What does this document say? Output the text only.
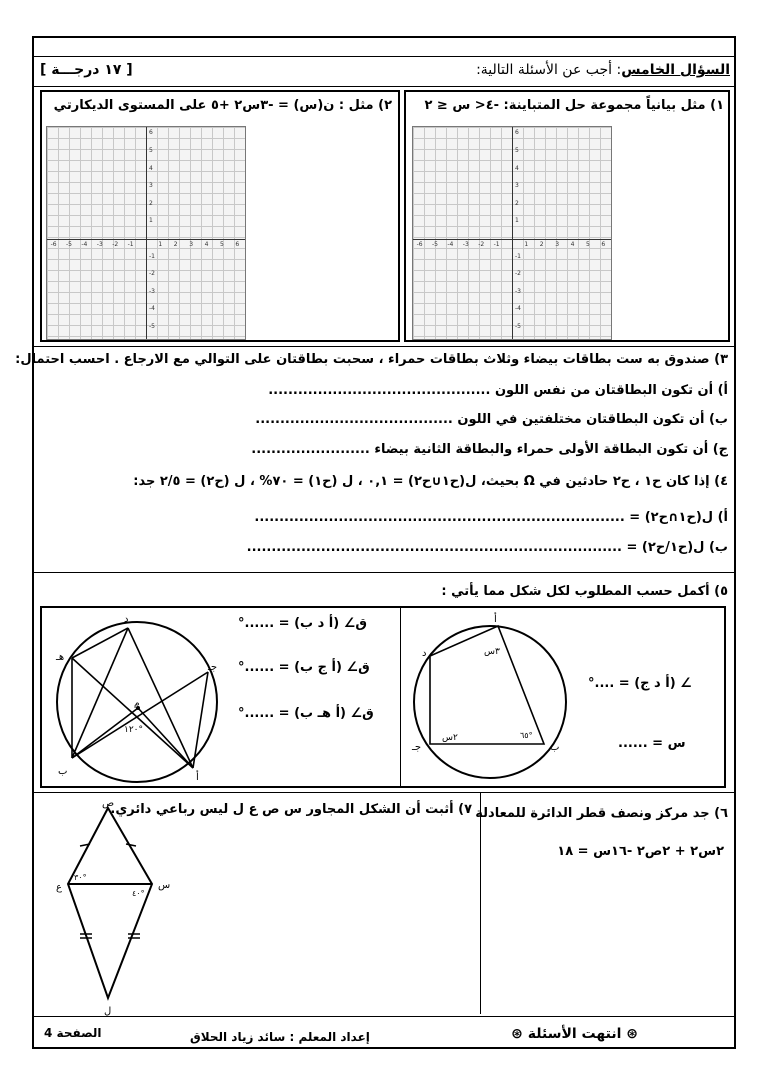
السؤال الخامس: أجب عن الأسئلة التالية:
[ ١٧ درجـــة ]
١) مثل بيانياً مجموعة حل المتباينة: -٤< س ≤ ٢
٢) مثل : ن(س) = -٣س٢ +٥ على المستوى الديكارتي
-6 -5
-5
-4
-4
-3
-3
-2
-2
-1
-1
1
1
2
2
3
3
4
4
5
5
6
6
-6 -5
-5
-4
-4
-3
-3
-2
-2
-1
-1
1
1
2
2
3
3
4
4
5
5
6
6
٣) صندوق به ست بطاقات بيضاء وثلاث بطاقات حمراء ، سحبت بطاقتان على التوالي مع الارجاع . احسب احتمال:
أ) أن تكون البطاقتان من نفس اللون .............................................
ب) أن تكون البطاقتان مختلفتين في اللون ........................................
ج) أن تكون البطاقة الأولى حمراء والبطاقة الثانية بيضاء ........................
٤) إذا كان ح١ ، ح٢ حادثين في Ω بحيث، ل(ح١∪ح٢) = ٠,١ ، ل (ح١) = ٧٠% ، ل (ح٢) = ٢/٥ جد:
أ) ل(ح١∩ح٢) = ...........................................................................
ب) ل(ح١/ح٢) = ............................................................................
٥) أكمل حسب المطلوب لكل شكل مما يأتي :
د
جـ
هـ
م
١٢٠°
ب
أ
ق∠ (أ د ب) = ......°
ق∠ (أ ج ب) = ......°
ق∠ (أ هـ ب) = ......°
أ
٣س
د
٦٥°
ب
٢س
جـ
∠ (أ د ج) = ....°
س = ......
٦) جد مركز ونصف قطر الدائرة للمعادلة
٢س٢ + ٢ص٢ -١٦س = ١٨
٧) أثبت أن الشكل المجاور س ص ع ل ليس رباعي دائري.
ص
س
ع
ل
٣٠°
٤٠°
⊛ انتهت الأسئلة ⊛
إعداد المعلم : سائد زياد الحلاق
الصفحة 4
